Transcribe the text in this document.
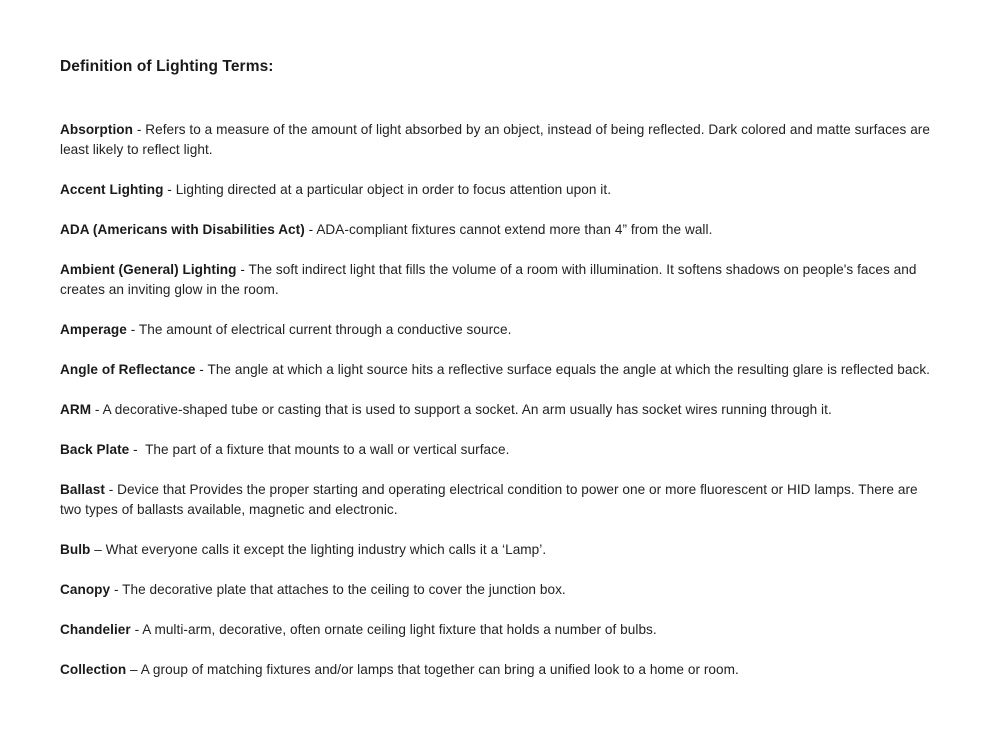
Definition of Lighting Terms:

Absorption - Refers to a measure of the amount of light absorbed by an object, instead of being reflected. Dark colored and matte surfaces are least likely to reflect light.

Accent Lighting - Lighting directed at a particular object in order to focus attention upon it.

ADA (Americans with Disabilities Act) - ADA-compliant fixtures cannot extend more than 4” from the wall.

Ambient (General) Lighting - The soft indirect light that fills the volume of a room with illumination. It softens shadows on people's faces and creates an inviting glow in the room.

Amperage - The amount of electrical current through a conductive source.

Angle of Reflectance - The angle at which a light source hits a reflective surface equals the angle at which the resulting glare is reflected back.

ARM - A decorative-shaped tube or casting that is used to support a socket. An arm usually has socket wires running through it.

Back Plate -  The part of a fixture that mounts to a wall or vertical surface.

Ballast - Device that Provides the proper starting and operating electrical condition to power one or more fluorescent or HID lamps. There are two types of ballasts available, magnetic and electronic.

Bulb – What everyone calls it except the lighting industry which calls it a ‘Lamp’.

Canopy - The decorative plate that attaches to the ceiling to cover the junction box.

Chandelier - A multi-arm, decorative, often ornate ceiling light fixture that holds a number of bulbs.

Collection – A group of matching fixtures and/or lamps that together can bring a unified look to a home or room.
